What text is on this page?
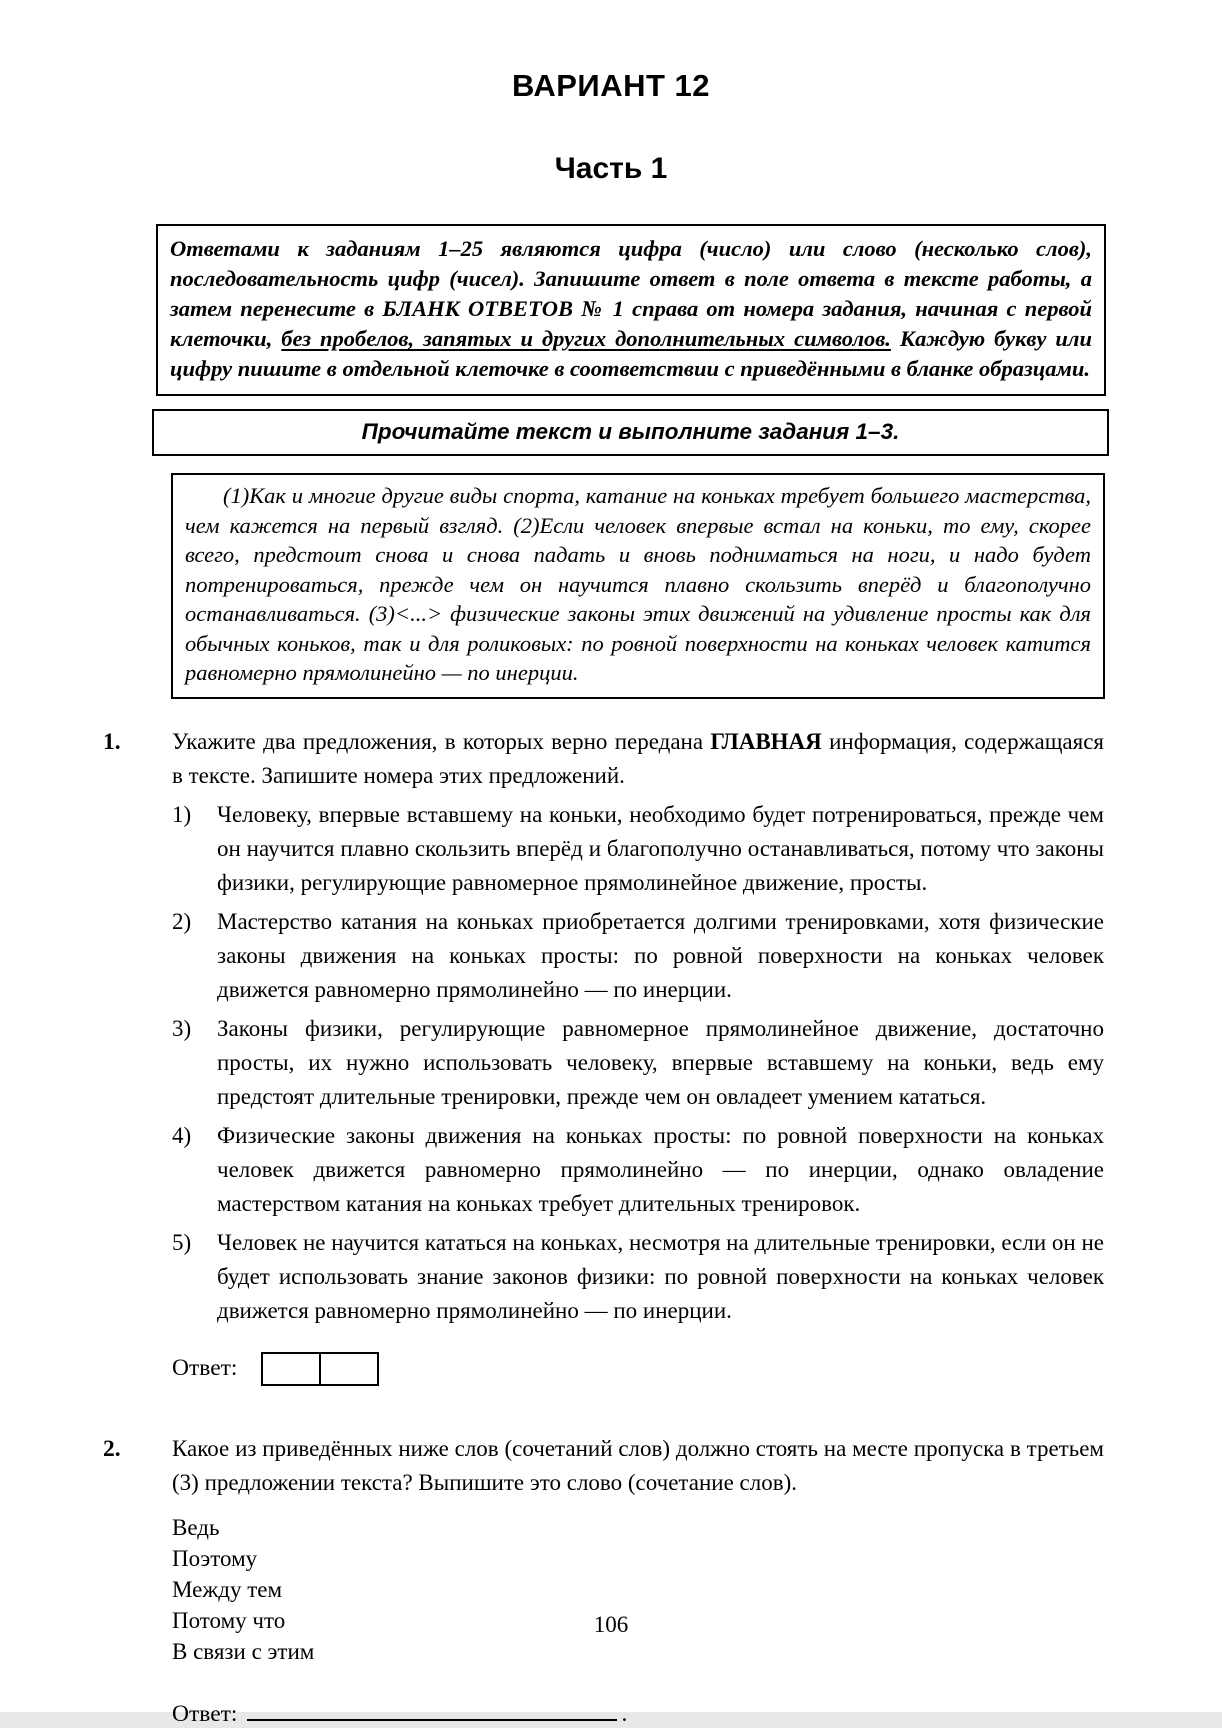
ВАРИАНТ 12
Часть 1

Ответами к заданиям 1–25 являются цифра (число) или слово (несколько слов), последовательность цифр (чисел). Запишите ответ в поле ответа в тексте работы, а затем перенесите в БЛАНК ОТВЕТОВ № 1 справа от номера задания, начиная с первой клеточки, без пробелов, запятых и других дополнительных символов. Каждую букву или цифру пишите в отдельной клеточке в соответствии с приведёнными в бланке образцами.

Прочитайте текст и выполните задания 1–3.

(1)Как и многие другие виды спорта, катание на коньках требует большего мастерства, чем кажется на первый взгляд. (2)Если человек впервые встал на коньки, то ему, скорее всего, предстоит снова и снова падать и вновь подниматься на ноги, и надо будет потренироваться, прежде чем он научится плавно скользить вперёд и благополучно останавливаться. (3)<...> физические законы этих движений на удивление просты как для обычных коньков, так и для роликовых: по ровной поверхности на коньках человек катится равномерно прямолинейно — по инерции.

1. Укажите два предложения, в которых верно передана ГЛАВНАЯ информация, содержащаяся в тексте. Запишите номера этих предложений.

1)	Человеку, впервые вставшему на коньки, необходимо будет потренироваться, прежде чем он научится плавно скользить вперёд и благополучно останавливаться, потому что законы физики, регулирующие равномерное прямолинейное движение, просты.

2)	Мастерство катания на коньках приобретается долгими тренировками, хотя физические законы движения на коньках просты: по ровной поверхности на коньках человек движется равномерно прямолинейно — по инерции.

3)	Законы физики, регулирующие равномерное прямолинейное движение, достаточно просты, их нужно использовать человеку, впервые вставшему на коньки, ведь ему предстоят длительные тренировки, прежде чем он овладеет умением кататься.

4)	Физические законы движения на коньках просты: по ровной поверхности на коньках человек движется равномерно прямолинейно — по инерции, однако овладение мастерством катания на коньках требует длительных тренировок.

5)	Человек не научится кататься на коньках, несмотря на длительные тренировки, если он не будет использовать знание законов физики: по ровной поверхности на коньках человек движется равномерно прямолинейно — по инерции.

Ответ:
2. Какое из приведённых ниже слов (сочетаний слов) должно стоять на месте пропуска в третьем (3) предложении текста? Выпишите это слово (сочетание слов).

Ведь
Поэтому
Между тем
Потому что
В связи с этим
Ответ:	.
106
